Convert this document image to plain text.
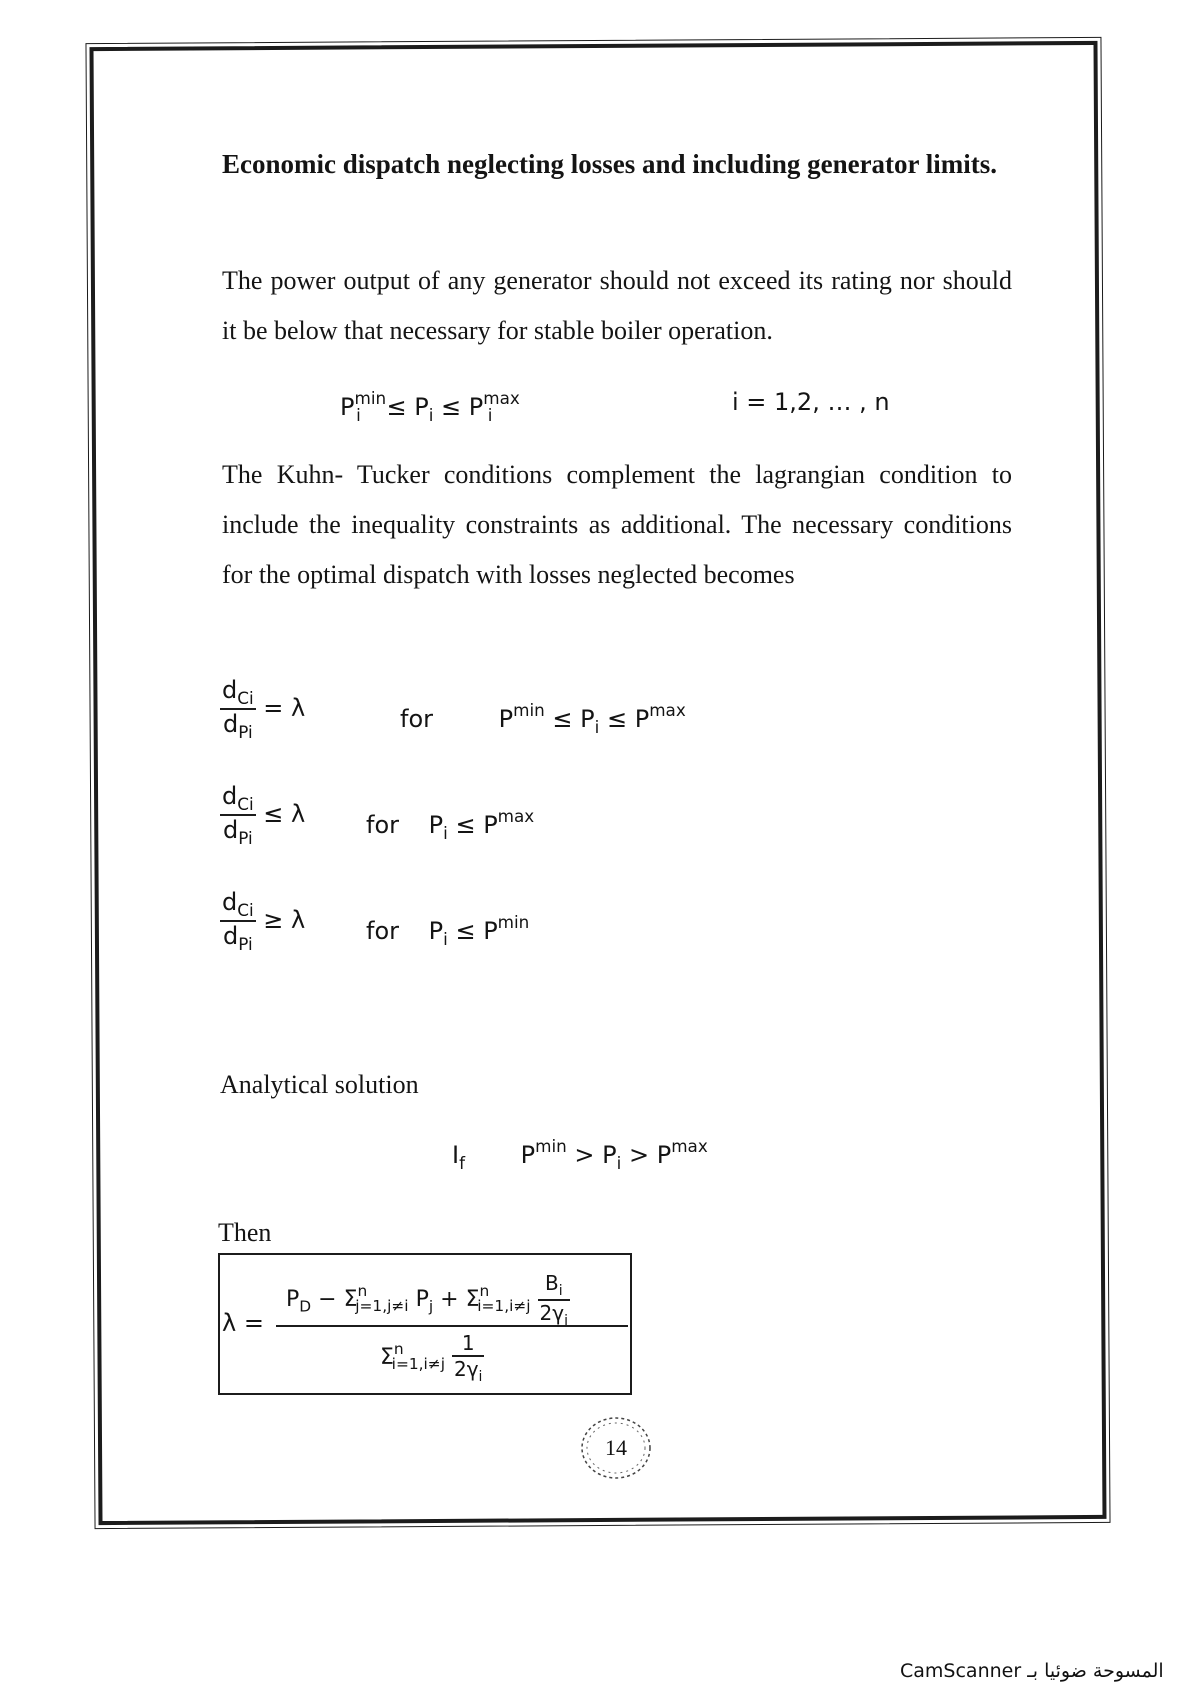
Economic dispatch neglecting losses and including generator limits.
The power output of any generator should not exceed its rating nor should it be below that necessary for stable boiler operation.
$P^{min}_i \le P_i \le P^{max}_i$	i = 1,2, … , n
The Kuhn- Tucker conditions complement the lagrangian condition to include the inequality constraints as additional. The necessary conditions for the optimal dispatch with losses neglected becomes
$\frac{d_{Ci}}{d_{Pi}} = \lambda$	for	$P^{min} \le P_i \le P^{max}$
$\frac{d_{Ci}}{d_{Pi}} \le \lambda$	for $P_i \le P^{max}$
$\frac{d_{Ci}}{d_{Pi}} \ge \lambda$	for $P_i \le P^{min}$
Analytical solution
$I_f$ $P^{min} > P_i > P^{max}$
Then
λ =
$P_D - \Sigma^n_{j=1,j\ne i}$ $P_j + \Sigma^n_{i=1,i\ne j} \frac{B_i}{2\gamma_i}$
$\Sigma^n_{i=1,i\ne j} \frac{1}{2\gamma_i}$
14
CamScanner المسوحة ضوئيا بـ
